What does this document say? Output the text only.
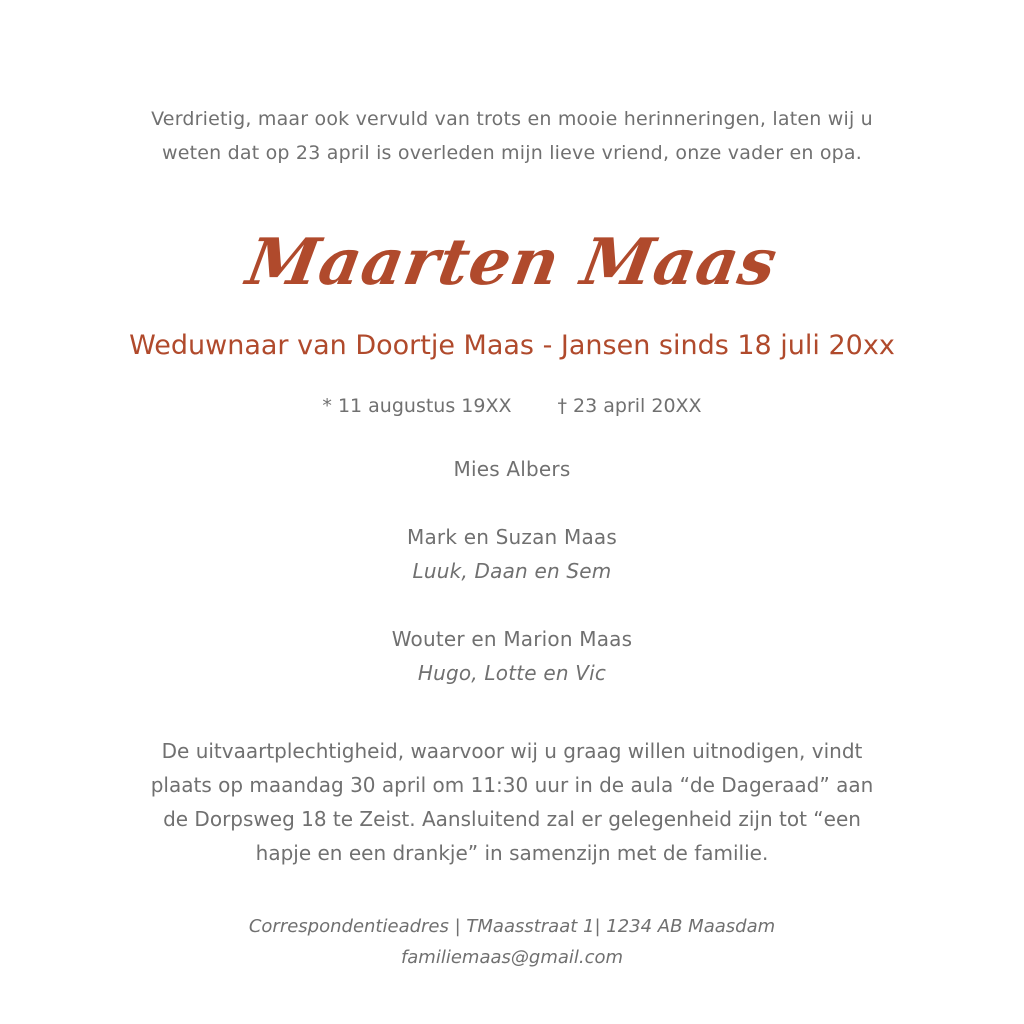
Verdrietig, maar ook vervuld van trots en mooie herinneringen, laten wij u
weten dat op 23 april is overleden mijn lieve vriend, onze vader en opa.
Maarten Maas
Weduwnaar van Doortje Maas - Jansen sinds 18 juli 20xx
* 11 augustus 19XX † 23 april 20XX
Mies Albers
Mark en Suzan Maas
Luuk, Daan en Sem
Wouter en Marion Maas
Hugo, Lotte en Vic
De uitvaartplechtigheid, waarvoor wij u graag willen uitnodigen, vindt
plaats op maandag 30 april om 11:30 uur in de aula “de Dageraad” aan
de Dorpsweg 18 te Zeist. Aansluitend zal er gelegenheid zijn tot “een
hapje en een drankje” in samenzijn met de familie.
Correspondentieadres | TMaasstraat 1| 1234 AB Maasdam
familiemaas@gmail.com
